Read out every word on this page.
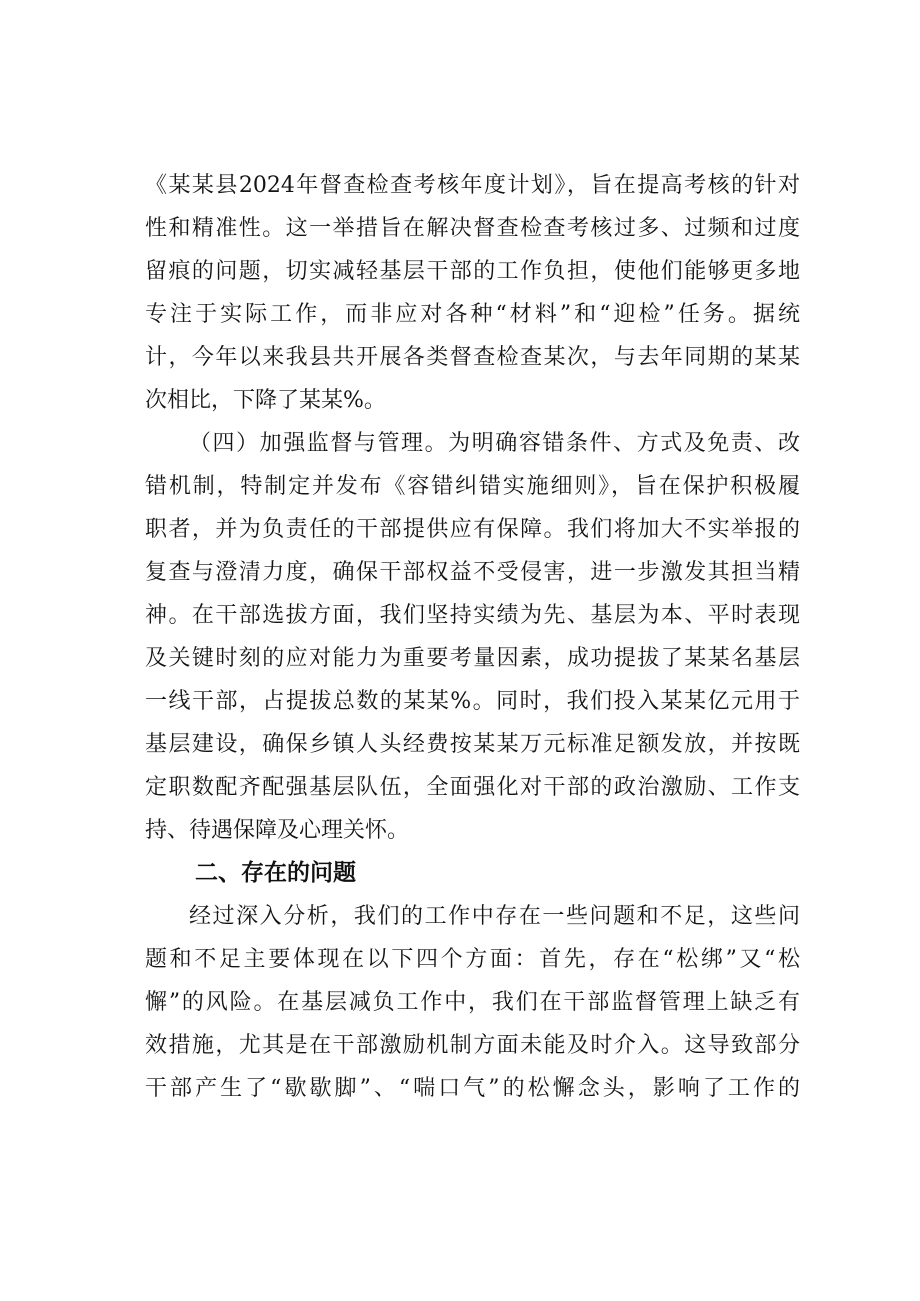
《某某县2024年督查检查考核年度计划》，旨在提高考核的针对
性和精准性。这一举措旨在解决督查检查考核过多、过频和过度
留痕的问题，切实减轻基层干部的工作负担，使他们能够更多地
专注于实际工作，而非应对各种“材料”和“迎检”任务。据统
计，今年以来我县共开展各类督查检查某次，与去年同期的某某
次相比，下降了某某%。
（四）加强监督与管理。为明确容错条件、方式及免责、改
错机制，特制定并发布《容错纠错实施细则》，旨在保护积极履
职者，并为负责任的干部提供应有保障。我们将加大不实举报的
复查与澄清力度，确保干部权益不受侵害，进一步激发其担当精
神。在干部选拔方面，我们坚持实绩为先、基层为本、平时表现
及关键时刻的应对能力为重要考量因素，成功提拔了某某名基层
一线干部，占提拔总数的某某%。同时，我们投入某某亿元用于
基层建设，确保乡镇人头经费按某某万元标准足额发放，并按既
定职数配齐配强基层队伍，全面强化对干部的政治激励、工作支
持、待遇保障及心理关怀。
二、存在的问题
经过深入分析，我们的工作中存在一些问题和不足，这些问
题和不足主要体现在以下四个方面：首先，存在“松绑”又“松
懈”的风险。在基层减负工作中，我们在干部监督管理上缺乏有
效措施，尤其是在干部激励机制方面未能及时介入。这导致部分
干部产生了“歇歇脚”、“喘口气”的松懈念头，影响了工作的
